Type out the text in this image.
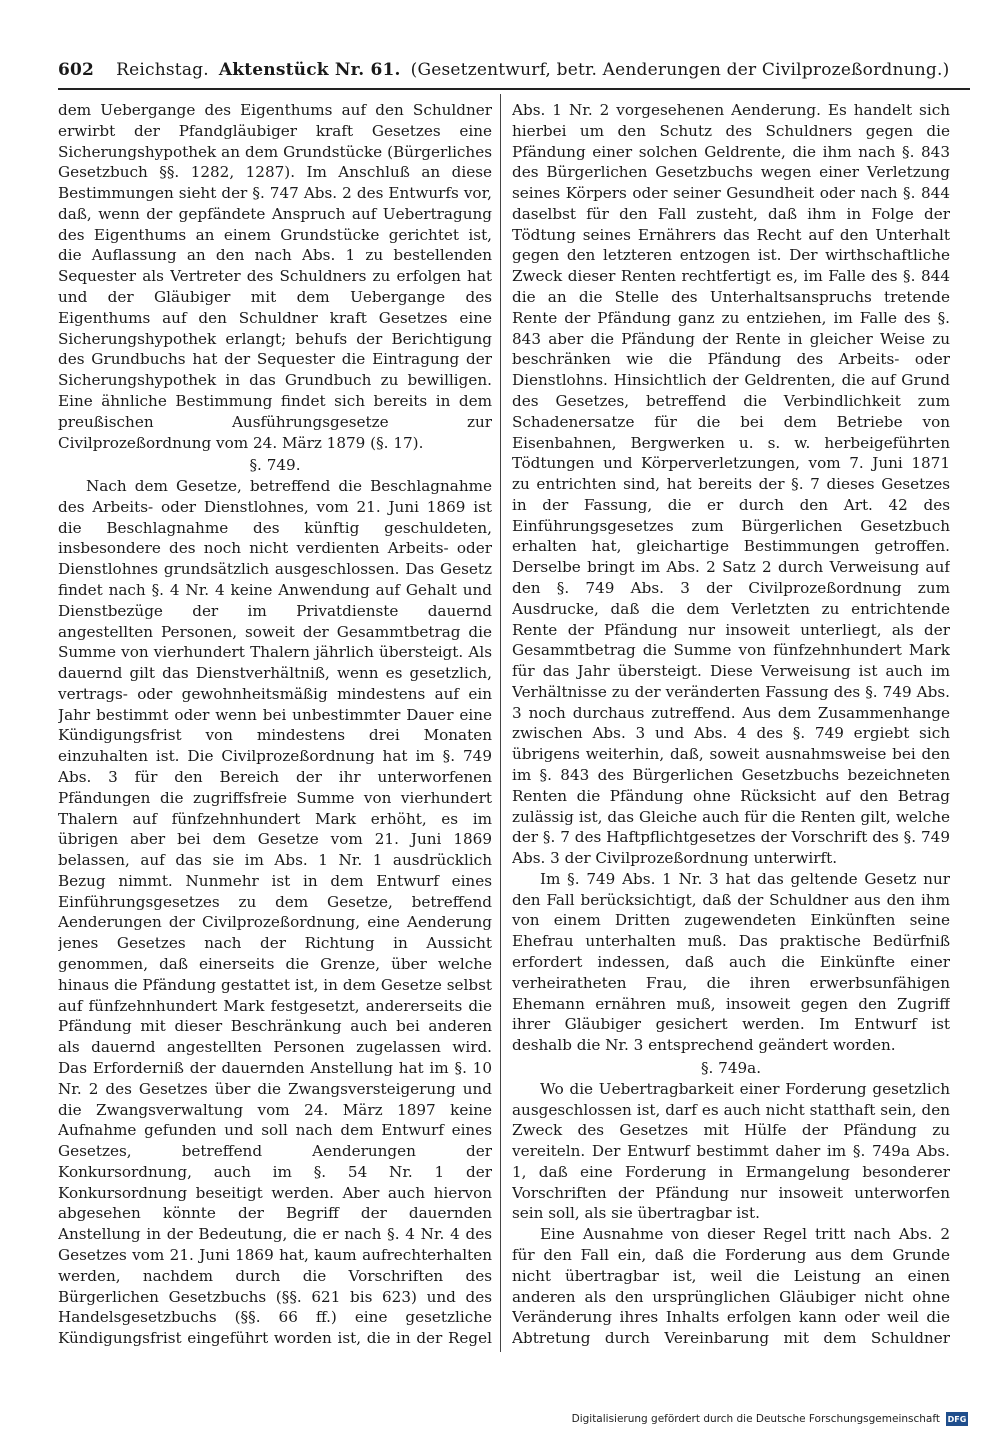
602 Reichstag. Aktenstück Nr. 61. (Gesetzentwurf, betr. Aenderungen der Civilprozeßordnung.)

dem Uebergange des Eigenthums auf den Schuldner erwirbt der Pfandgläubiger kraft Gesetzes eine Sicherungshypothek an dem Grundstücke (Bürgerliches Gesetzbuch §§. 1282, 1287). Im Anschluß an diese Bestimmungen sieht der §. 747 Abs. 2 des Entwurfs vor, daß, wenn der gepfändete Anspruch auf Uebertragung des Eigenthums an einem Grundstücke gerichtet ist, die Auflassung an den nach Abs. 1 zu bestellenden Sequester als Vertreter des Schuldners zu erfolgen hat und der Gläubiger mit dem Uebergange des Eigenthums auf den Schuldner kraft Gesetzes eine Sicherungshypothek erlangt; behufs der Berichtigung des Grundbuchs hat der Sequester die Eintragung der Sicherungshypothek in das Grundbuch zu bewilligen. Eine ähnliche Bestimmung findet sich bereits in dem preußischen Ausführungsgesetze zur Civilprozeßordnung vom 24. März 1879 (§. 17).

§. 749.

Nach dem Gesetze, betreffend die Beschlagnahme des Arbeits- oder Dienstlohnes, vom 21. Juni 1869 ist die Beschlagnahme des künftig geschuldeten, insbesondere des noch nicht verdienten Arbeits- oder Dienstlohnes grundsätzlich ausgeschlossen. Das Gesetz findet nach §. 4 Nr. 4 keine Anwendung auf Gehalt und Dienstbezüge der im Privatdienste dauernd angestellten Personen, soweit der Gesammtbetrag die Summe von vierhundert Thalern jährlich übersteigt. Als dauernd gilt das Dienstverhältniß, wenn es gesetzlich, vertrags- oder gewohnheitsmäßig mindestens auf ein Jahr bestimmt oder wenn bei unbestimmter Dauer eine Kündigungsfrist von mindestens drei Monaten einzuhalten ist. Die Civilprozeßordnung hat im §. 749 Abs. 3 für den Bereich der ihr unterworfenen Pfändungen die zugriffsfreie Summe von vierhundert Thalern auf fünfzehnhundert Mark erhöht, es im übrigen aber bei dem Gesetze vom 21. Juni 1869 belassen, auf das sie im Abs. 1 Nr. 1 ausdrücklich Bezug nimmt. Nunmehr ist in dem Entwurf eines Einführungsgesetzes zu dem Gesetze, betreffend Aenderungen der Civilprozeßordnung, eine Aenderung jenes Gesetzes nach der Richtung in Aussicht genommen, daß einerseits die Grenze, über welche hinaus die Pfändung gestattet ist, in dem Gesetze selbst auf fünfzehnhundert Mark festgesetzt, andererseits die Pfändung mit dieser Beschränkung auch bei anderen als dauernd angestellten Personen zugelassen wird. Das Erforderniß der dauernden Anstellung hat im §. 10 Nr. 2 des Gesetzes über die Zwangsversteigerung und die Zwangsverwaltung vom 24. März 1897 keine Aufnahme gefunden und soll nach dem Entwurf eines Gesetzes, betreffend Aenderungen der Konkursordnung, auch im §. 54 Nr. 1 der Konkursordnung beseitigt werden. Aber auch hiervon abgesehen könnte der Begriff der dauernden Anstellung in der Bedeutung, die er nach §. 4 Nr. 4 des Gesetzes vom 21. Juni 1869 hat, kaum aufrechterhalten werden, nachdem durch die Vorschriften des Bürgerlichen Gesetzbuchs (§§. 621 bis 623) und des Handelsgesetzbuchs (§§. 66 ff.) eine gesetzliche Kündigungsfrist eingeführt worden ist, die in der Regel

Abs. 1 Nr. 2 vorgesehenen Aenderung. Es handelt sich hierbei um den Schutz des Schuldners gegen die Pfändung einer solchen Geldrente, die ihm nach §. 843 des Bürgerlichen Gesetzbuchs wegen einer Verletzung seines Körpers oder seiner Gesundheit oder nach §. 844 daselbst für den Fall zusteht, daß ihm in Folge der Tödtung seines Ernährers das Recht auf den Unterhalt gegen den letzteren entzogen ist. Der wirthschaftliche Zweck dieser Renten rechtfertigt es, im Falle des §. 844 die an die Stelle des Unterhaltsanspruchs tretende Rente der Pfändung ganz zu entziehen, im Falle des §. 843 aber die Pfändung der Rente in gleicher Weise zu beschränken wie die Pfändung des Arbeits- oder Dienstlohns. Hinsichtlich der Geldrenten, die auf Grund des Gesetzes, betreffend die Verbindlichkeit zum Schadenersatze für die bei dem Betriebe von Eisenbahnen, Bergwerken u. s. w. herbeigeführten Tödtungen und Körperverletzungen, vom 7. Juni 1871 zu entrichten sind, hat bereits der §. 7 dieses Gesetzes in der Fassung, die er durch den Art. 42 des Einführungsgesetzes zum Bürgerlichen Gesetzbuch erhalten hat, gleichartige Bestimmungen getroffen. Derselbe bringt im Abs. 2 Satz 2 durch Verweisung auf den §. 749 Abs. 3 der Civilprozeßordnung zum Ausdrucke, daß die dem Verletzten zu entrichtende Rente der Pfändung nur insoweit unterliegt, als der Gesammtbetrag die Summe von fünfzehnhundert Mark für das Jahr übersteigt. Diese Verweisung ist auch im Verhältnisse zu der veränderten Fassung des §. 749 Abs. 3 noch durchaus zutreffend. Aus dem Zusammenhange zwischen Abs. 3 und Abs. 4 des §. 749 ergiebt sich übrigens weiterhin, daß, soweit ausnahmsweise bei den im §. 843 des Bürgerlichen Gesetzbuchs bezeichneten Renten die Pfändung ohne Rücksicht auf den Betrag zulässig ist, das Gleiche auch für die Renten gilt, welche der §. 7 des Haftpflichtgesetzes der Vorschrift des §. 749 Abs. 3 der Civilprozeßordnung unterwirft.

Im §. 749 Abs. 1 Nr. 3 hat das geltende Gesetz nur den Fall berücksichtigt, daß der Schuldner aus den ihm von einem Dritten zugewendeten Einkünften seine Ehefrau unterhalten muß. Das praktische Bedürfniß erfordert indessen, daß auch die Einkünfte einer verheiratheten Frau, die ihren erwerbsunfähigen Ehemann ernähren muß, insoweit gegen den Zugriff ihrer Gläubiger gesichert werden. Im Entwurf ist deshalb die Nr. 3 entsprechend geändert worden.

§. 749a.

Wo die Uebertragbarkeit einer Forderung gesetzlich ausgeschlossen ist, darf es auch nicht statthaft sein, den Zweck des Gesetzes mit Hülfe der Pfändung zu vereiteln. Der Entwurf bestimmt daher im §. 749a Abs. 1, daß eine Forderung in Ermangelung besonderer Vorschriften der Pfändung nur insoweit unterworfen sein soll, als sie übertragbar ist.

Eine Ausnahme von dieser Regel tritt nach Abs. 2 für den Fall ein, daß die Forderung aus dem Grunde nicht übertragbar ist, weil die Leistung an einen anderen als den ursprünglichen Gläubiger nicht ohne Veränderung ihres Inhalts erfolgen kann oder weil die Abtretung durch Vereinbarung mit dem Schuldner

Digitalisierung gefördert durch die Deutsche Forschungsgemeinschaft DFG
